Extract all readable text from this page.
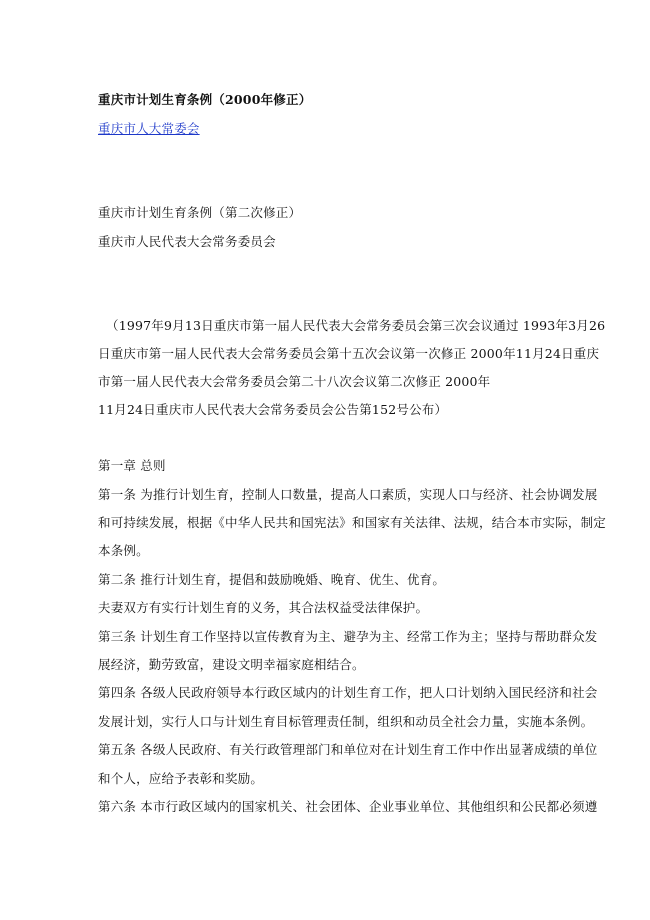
重庆市计划生育条例（2000年修正）
重庆市人大常委会
重庆市计划生育条例（第二次修正）
重庆市人民代表大会常务委员会
（1997年9月13日重庆市第一届人民代表大会常务委员会第三次会议通过 1993年3月26
日重庆市第一届人民代表大会常务委员会第十五次会议第一次修正 2000年11月24日重庆
市第一届人民代表大会常务委员会第二十八次会议第二次修正 2000年
11月24日重庆市人民代表大会常务委员会公告第152号公布）
第一章 总则
第一条 为推行计划生育，控制人口数量，提高人口素质，实现人口与经济、社会协调发展
和可持续发展，根据《中华人民共和国宪法》和国家有关法律、法规，结合本市实际，制定
本条例。
第二条 推行计划生育，提倡和鼓励晚婚、晚育、优生、优育。
夫妻双方有实行计划生育的义务，其合法权益受法律保护。
第三条 计划生育工作坚持以宣传教育为主、避孕为主、经常工作为主；坚持与帮助群众发
展经济，勤劳致富，建设文明幸福家庭相结合。
第四条 各级人民政府领导本行政区域内的计划生育工作，把人口计划纳入国民经济和社会
发展计划，实行人口与计划生育目标管理责任制，组织和动员全社会力量，实施本条例。
第五条 各级人民政府、有关行政管理部门和单位对在计划生育工作中作出显著成绩的单位
和个人，应给予表彰和奖励。
第六条 本市行政区域内的国家机关、社会团体、企业事业单位、其他组织和公民都必须遵
